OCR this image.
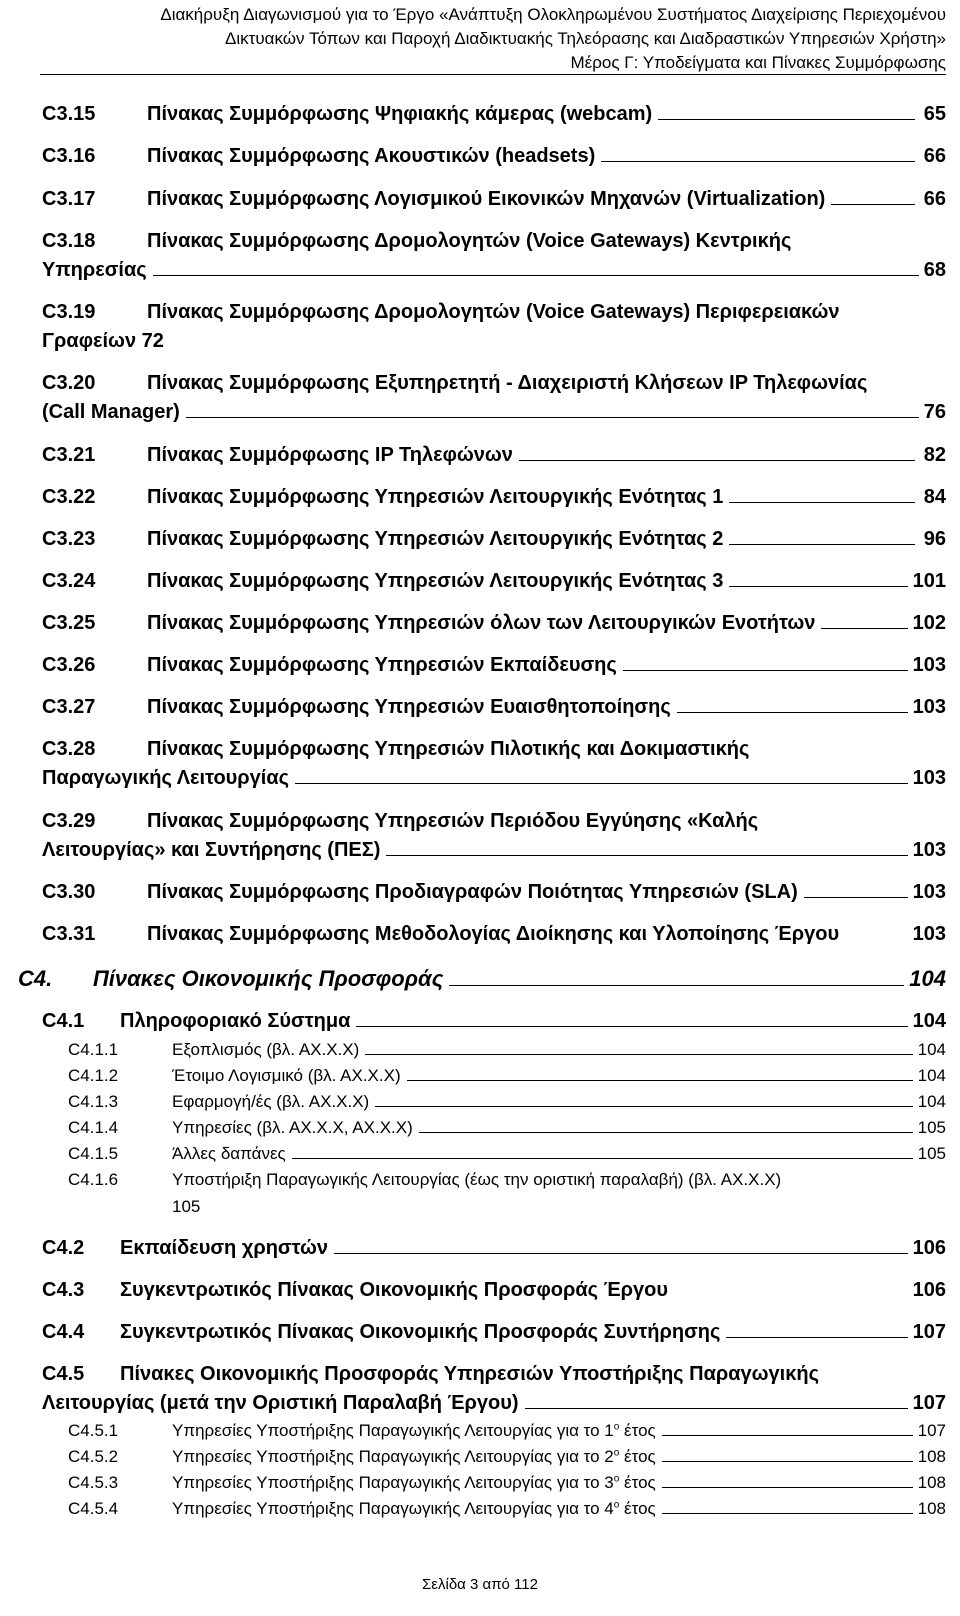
Διακήρυξη Διαγωνισμού για το Έργο «Ανάπτυξη Ολοκληρωμένου Συστήματος Διαχείρισης Περιεχομένου
Δικτυακών Τόπων και Παροχή Διαδικτυακής Τηλεόρασης και Διαδραστικών Υπηρεσιών Χρήστη»
Μέρος Γ: Υποδείγματα και Πίνακες Συμμόρφωσης
C3.15	Πίνακας Συμμόρφωσης Ψηφιακής κάμερας (webcam)	65
C3.16	Πίνακας Συμμόρφωσης Ακουστικών (headsets)	66
C3.17	Πίνακας Συμμόρφωσης Λογισμικού Εικονικών Μηχανών (Virtualization)	66
C3.18	Πίνακας Συμμόρφωσης Δρομολογητών (Voice Gateways) Κεντρικής
Υπηρεσίας	68
C3.19	Πίνακας Συμμόρφωσης Δρομολογητών (Voice Gateways) Περιφερειακών
Γραφείων 72
C3.20	Πίνακας Συμμόρφωσης Εξυπηρετητή - Διαχειριστή Κλήσεων IP Τηλεφωνίας
(Call Manager)	76
C3.21	Πίνακας Συμμόρφωσης IP Τηλεφώνων	82
C3.22	Πίνακας Συμμόρφωσης Υπηρεσιών Λειτουργικής Ενότητας 1	84
C3.23	Πίνακας Συμμόρφωσης Υπηρεσιών Λειτουργικής Ενότητας 2	96
C3.24	Πίνακας Συμμόρφωσης Υπηρεσιών Λειτουργικής Ενότητας 3	101
C3.25	Πίνακας Συμμόρφωσης Υπηρεσιών όλων των Λειτουργικών Ενοτήτων	102
C3.26	Πίνακας Συμμόρφωσης Υπηρεσιών Εκπαίδευσης	103
C3.27	Πίνακας Συμμόρφωσης Υπηρεσιών Ευαισθητοποίησης	103
C3.28	Πίνακας Συμμόρφωσης Υπηρεσιών Πιλοτικής και Δοκιμαστικής
Παραγωγικής Λειτουργίας	103
C3.29	Πίνακας Συμμόρφωσης Υπηρεσιών Περιόδου Εγγύησης «Καλής
Λειτουργίας» και Συντήρησης (ΠΕΣ)	103
C3.30	Πίνακας Συμμόρφωσης Προδιαγραφών Ποιότητας Υπηρεσιών (SLA)	103
C3.31	Πίνακας Συμμόρφωσης Μεθοδολογίας Διοίκησης και Υλοποίησης Έργου	103
C4.	Πίνακες Οικονομικής Προσφοράς	104
C4.1	Πληροφοριακό Σύστημα	104
C4.1.1	Εξοπλισμός (βλ. ΑΧ.Χ.Χ)	104
C4.1.2	Έτοιμο Λογισμικό (βλ. ΑΧ.Χ.Χ)	104
C4.1.3	Εφαρμογή/ές (βλ. ΑΧ.Χ.Χ)	104
C4.1.4	Υπηρεσίες (βλ. ΑΧ.Χ.Χ, ΑΧ.Χ.Χ)	105
C4.1.5	Άλλες δαπάνες	105
C4.1.6	Υποστήριξη Παραγωγικής Λειτουργίας (έως την οριστική παραλαβή) (βλ. ΑΧ.Χ.Χ)
105
C4.2	Εκπαίδευση χρηστών	106
C4.3	Συγκεντρωτικός Πίνακας Οικονομικής Προσφοράς Έργου	106
C4.4	Συγκεντρωτικός Πίνακας Οικονομικής Προσφοράς Συντήρησης	107
C4.5	Πίνακες Οικονομικής Προσφοράς Υπηρεσιών Υποστήριξης Παραγωγικής
Λειτουργίας (μετά την Οριστική Παραλαβή Έργου)	107
C4.5.1	Υπηρεσίες Υποστήριξης Παραγωγικής Λειτουργίας για το $1^o$ έτος	107
C4.5.2	Υπηρεσίες Υποστήριξης Παραγωγικής Λειτουργίας για το $2^o$ έτος	108
C4.5.3	Υπηρεσίες Υποστήριξης Παραγωγικής Λειτουργίας για το $3^o$ έτος	108
C4.5.4	Υπηρεσίες Υποστήριξης Παραγωγικής Λειτουργίας για το $4^o$ έτος	108
Σελίδα 3 από 112
